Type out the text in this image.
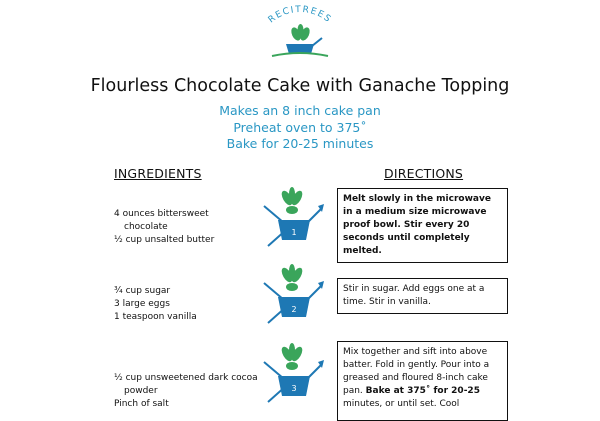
RECITREES
Flourless Chocolate Cake with Ganache Topping
Makes an 8 inch cake pan
Preheat oven to 375˚
Bake for 20-25 minutes
INGREDIENTS	DIRECTIONS
4 ounces bittersweet
chocolate
½ cup unsalted butter
¾ cup sugar
3 large eggs
1 teaspoon vanilla
½ cup unsweetened dark cocoa
powder
Pinch of salt
1
2
3
Melt slowly in the microwave in a medium size microwave proof bowl. Stir every 20 seconds until completely melted.
Stir in sugar. Add eggs one at a time. Stir in vanilla.
Mix together and sift into above batter. Fold in gently. Pour into a greased and floured 8-inch cake pan. Bake at 375˚ for 20-25 minutes, or until set. Cool
